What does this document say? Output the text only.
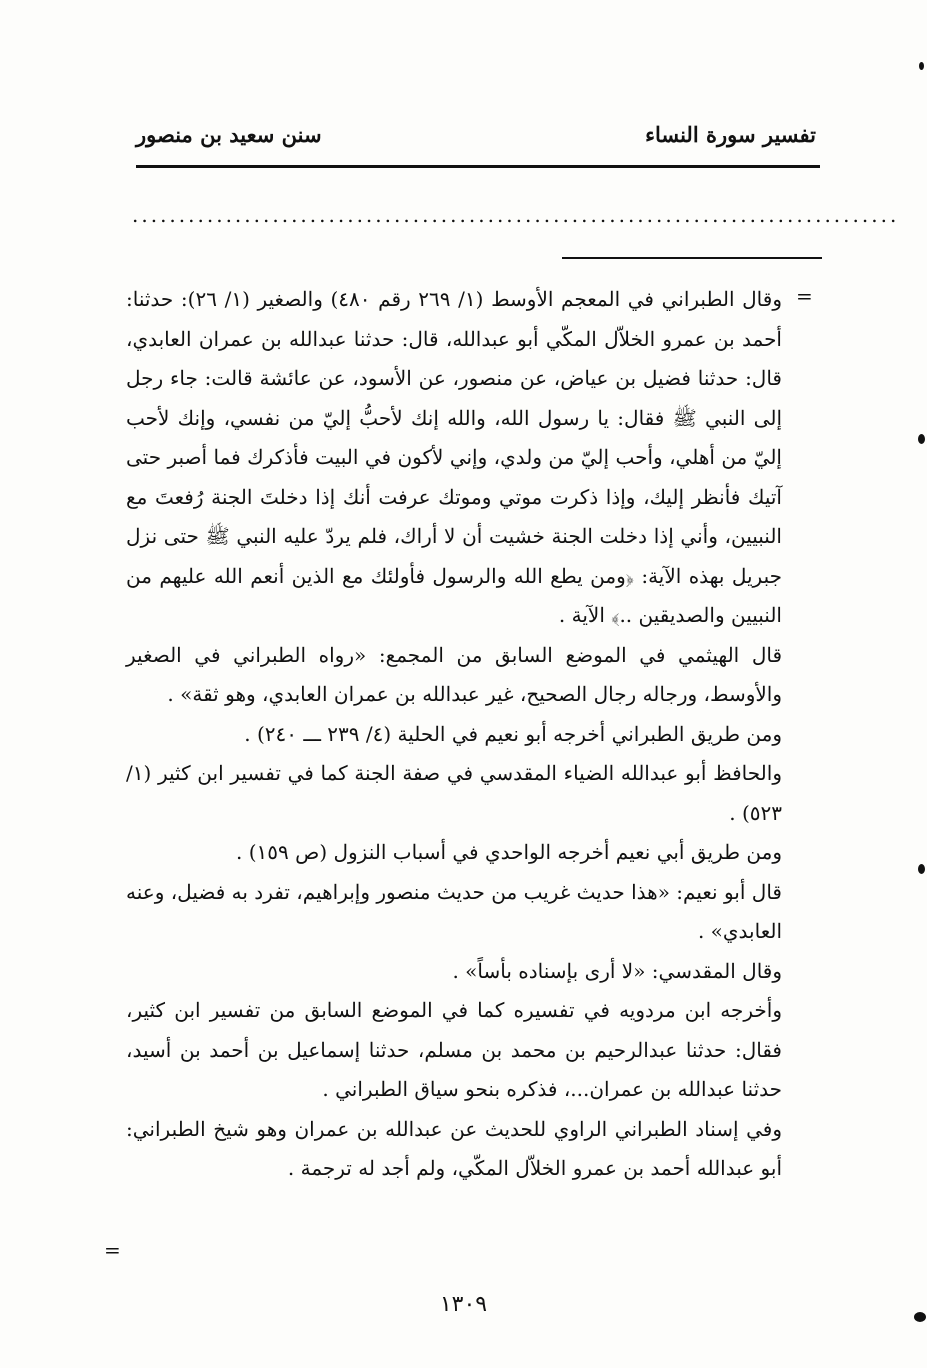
تفسير سورة النساء
سنن سعيد بن منصور
..................................................................................
=

وقال الطبراني في المعجم الأوسط (١/ ٢٦٩ رقم ٤٨٠) والصغير (١/ ٢٦): حدثنا: أحمد بن عمرو الخلاّل المكّي أبو عبدالله، قال: حدثنا عبدالله بن عمران العابدي، قال: حدثنا فضيل بن عياض، عن منصور، عن الأسود، عن عائشة قالت: جاء رجل إلى النبي ﷺ فقال: يا رسول الله، والله إنك لأحبُّ إليّ من نفسي، وإنك لأحب إليّ من أهلي، وأحب إليّ من ولدي، وإني لأكون في البيت فأذكرك فما أصبر حتى آتيك فأنظر إليك، وإذا ذكرت موتي وموتك عرفت أنك إذا دخلتَ الجنة رُفعتَ مع النبيين، وأني إذا دخلت الجنة خشيت أن لا أراك، فلم يردّ عليه النبي ﷺ حتى نزل جبريل بهذه الآية: ﴿ومن يطع الله والرسول فأولئك مع الذين أنعم الله عليهم من النبيين والصديقين ..﴾ الآية .

قال الهيثمي في الموضع السابق من المجمع: «رواه الطبراني في الصغير والأوسط، ورجاله رجال الصحيح، غير عبدالله بن عمران العابدي، وهو ثقة» .

ومن طريق الطبراني أخرجه أبو نعيم في الحلية (٤/ ٢٣٩ ـــ ٢٤٠) .

والحافظ أبو عبدالله الضياء المقدسي في صفة الجنة كما في تفسير ابن كثير (١/ ٥٢٣) .

ومن طريق أبي نعيم أخرجه الواحدي في أسباب النزول (ص ١٥٩) .

قال أبو نعيم: «هذا حديث غريب من حديث منصور وإبراهيم، تفرد به فضيل، وعنه العابدي» .

وقال المقدسي: «لا أرى بإسناده بأساً» .

وأخرجه ابن مردويه في تفسيره كما في الموضع السابق من تفسير ابن كثير، فقال: حدثنا عبدالرحيم بن محمد بن مسلم، حدثنا إسماعيل بن أحمد بن أسيد، حدثنا عبدالله بن عمران...، فذكره بنحو سياق الطبراني .

وفي إسناد الطبراني الراوي للحديث عن عبدالله بن عمران وهو شيخ الطبراني: أبو عبدالله أحمد بن عمرو الخلاّل المكّي، ولم أجد له ترجمة .

=
١٣٠٩
